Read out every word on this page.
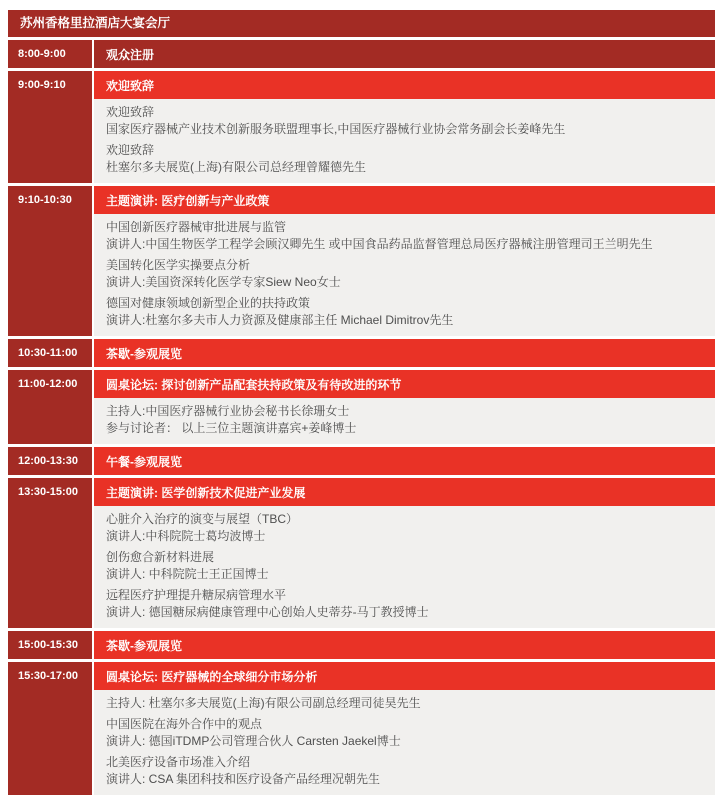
苏州香格里拉酒店大宴会厅
8:00-9:00	观众注册
9:00-9:10	欢迎致辞

欢迎致辞
国家医疗器械产业技术创新服务联盟理事长,中国医疗器械行业协会常务副会长姜峰先生

欢迎致辞
杜塞尔多夫展览(上海)有限公司总经理曾耀德先生

9:10-10:30	主题演讲: 医疗创新与产业政策

中国创新医疗器械审批进展与监管
演讲人:中国生物医学工程学会顾汉卿先生 或中国食品药品监督管理总局医疗器械注册管理司王兰明先生

美国转化医学实操要点分析
演讲人:美国资深转化医学专家Siew Neo女士

德国对健康领域创新型企业的扶持政策
演讲人:杜塞尔多夫市人力资源及健康部主任 Michael Dimitrov先生

10:30-11:00	茶歇-参观展览
11:00-12:00	圆桌论坛: 探讨创新产品配套扶持政策及有待改进的环节

主持人:中国医疗器械行业协会秘书长徐珊女士
参与讨论者： 以上三位主题演讲嘉宾+姜峰博士

12:00-13:30	午餐-参观展览
13:30-15:00	主题演讲: 医学创新技术促进产业发展

心脏介入治疗的演变与展望（TBC）
演讲人:中科院院士葛均波博士

创伤愈合新材料进展
演讲人: 中科院院士王正国博士

远程医疗护理提升糖尿病管理水平
演讲人: 德国糖尿病健康管理中心创始人史蒂芬-马丁教授博士

15:00-15:30	茶歇-参观展览
15:30-17:00	圆桌论坛: 医疗器械的全球细分市场分析

主持人: 杜塞尔多夫展览(上海)有限公司副总经理司徒昊先生

中国医院在海外合作中的观点
演讲人: 德国iTDMP公司管理合伙人 Carsten Jaekel博士

北美医疗设备市场准入介绍
演讲人: CSA 集团科技和医疗设备产品经理况朝先生
